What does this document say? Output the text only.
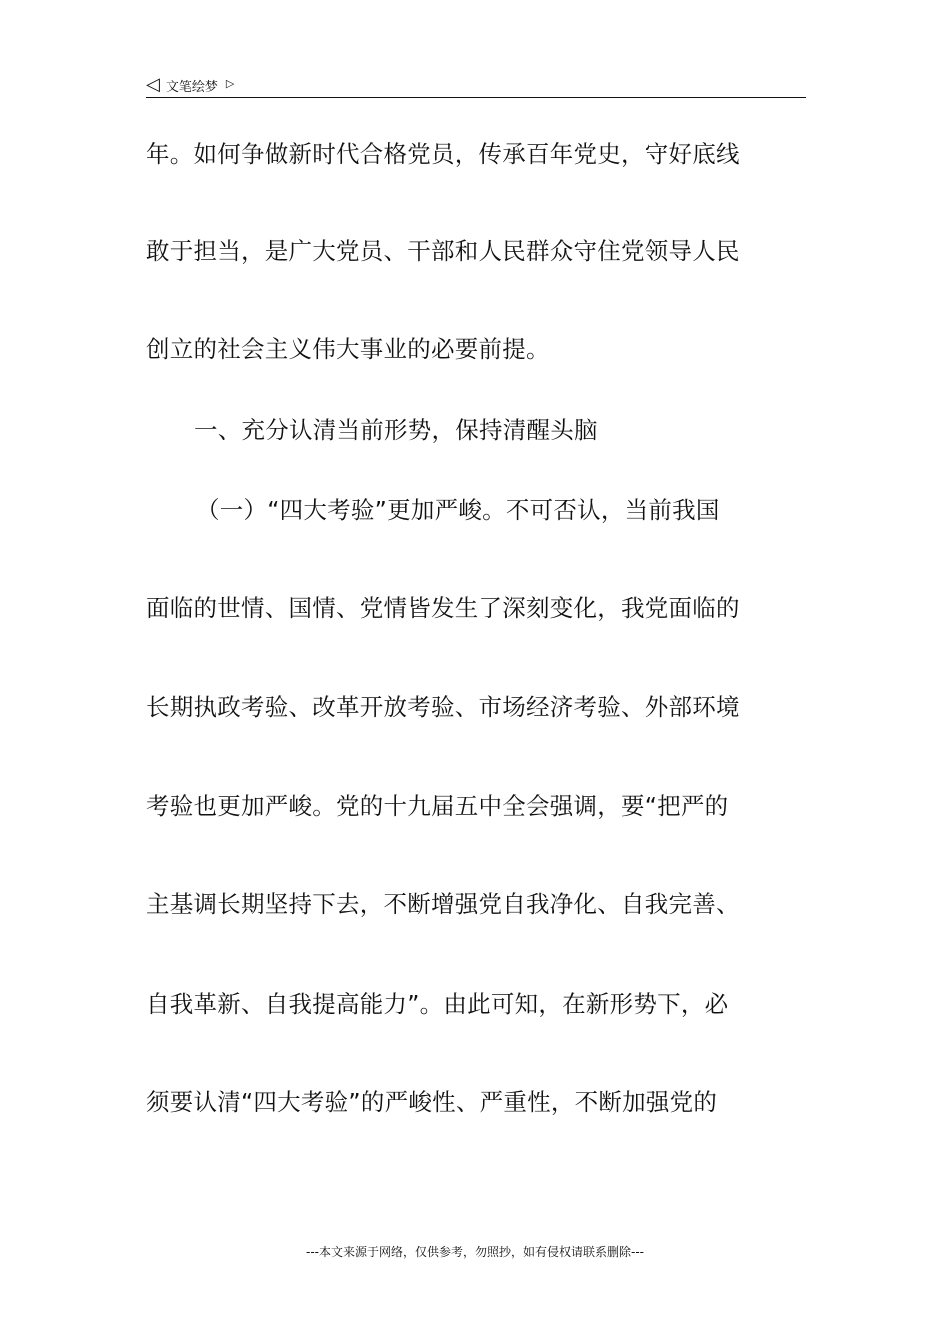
◁ 文笔绘梦 ▷
年。如何争做新时代合格党员，传承百年党史，守好底线
敢于担当，是广大党员、干部和人民群众守住党领导人民
创立的社会主义伟大事业的必要前提。
一、充分认清当前形势，保持清醒头脑
（一）“四大考验”更加严峻。不可否认，当前我国
面临的世情、国情、党情皆发生了深刻变化，我党面临的
长期执政考验、改革开放考验、市场经济考验、外部环境
考验也更加严峻。党的十九届五中全会强调，要“把严的
主基调长期坚持下去，不断增强党自我净化、自我完善、
自我革新、自我提高能力”。由此可知，在新形势下，必
须要认清“四大考验”的严峻性、严重性，不断加强党的
---本文来源于网络，仅供参考，勿照抄，如有侵权请联系删除---
